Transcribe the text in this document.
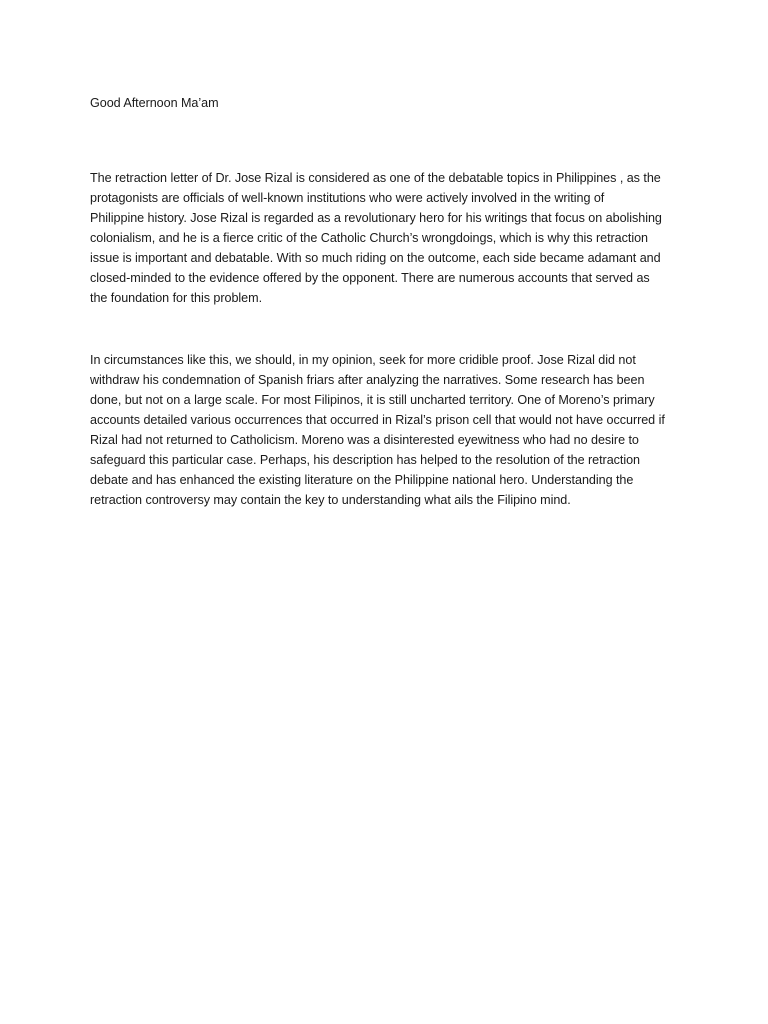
Good Afternoon Ma’am

The retraction letter of Dr. Jose Rizal is considered as one of the debatable topics in Philippines , as the
protagonists are officials of well-known institutions who were actively involved in the writing of
Philippine history. Jose Rizal is regarded as a revolutionary hero for his writings that focus on abolishing
colonialism, and he is a fierce critic of the Catholic Church’s wrongdoings, which is why this retraction
issue is important and debatable. With so much riding on the outcome, each side became adamant and
closed-minded to the evidence offered by the opponent. There are numerous accounts that served as
the foundation for this problem.

In circumstances like this, we should, in my opinion, seek for more cridible proof. Jose Rizal did not
withdraw his condemnation of Spanish friars after analyzing the narratives. Some research has been
done, but not on a large scale. For most Filipinos, it is still uncharted territory. One of Moreno’s primary
accounts detailed various occurrences that occurred in Rizal’s prison cell that would not have occurred if
Rizal had not returned to Catholicism. Moreno was a disinterested eyewitness who had no desire to
safeguard this particular case. Perhaps, his description has helped to the resolution of the retraction
debate and has enhanced the existing literature on the Philippine national hero. Understanding the
retraction controversy may contain the key to understanding what ails the Filipino mind.
